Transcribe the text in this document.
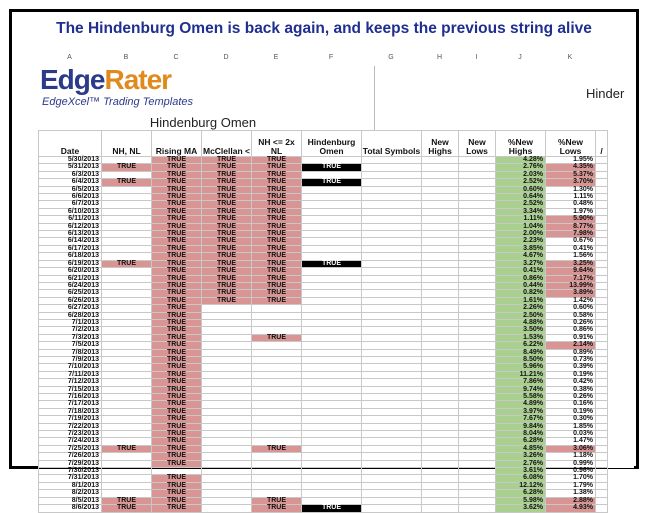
The Hindenburg Omen is back again, and keeps the previous string alive
A	B	C	D	E	F	G	H	I	J	K
EdgeRater
EdgeXcel™ Trading Templates
Hindenburg Omen
Hinder
Date	NH, NL	Rising MA	McClellan <	NH <= 2x NL	Hindenburg Omen	Total Symbols	New Highs	New Lows	%New Highs	%New Lows	/
5/30/2013		TRUE	TRUE	TRUE					4.28%	1.95%	
5/31/2013	TRUE	TRUE	TRUE	TRUE	TRUE				2.76%	4.35%	
6/3/2013		TRUE	TRUE	TRUE					2.03%	5.37%	
6/4/2013	TRUE	TRUE	TRUE	TRUE	TRUE				2.52%	3.70%	
6/5/2013		TRUE	TRUE	TRUE					0.60%	1.30%	
6/6/2013		TRUE	TRUE	TRUE					0.64%	1.11%	
6/7/2013		TRUE	TRUE	TRUE					2.52%	0.48%	
6/10/2013		TRUE	TRUE	TRUE					3.34%	1.97%	
6/11/2013		TRUE	TRUE	TRUE					1.11%	5.90%	
6/12/2013		TRUE	TRUE	TRUE					1.04%	8.77%	
6/13/2013		TRUE	TRUE	TRUE					2.00%	7.98%	
6/14/2013		TRUE	TRUE	TRUE					2.23%	0.67%	
6/17/2013		TRUE	TRUE	TRUE					3.85%	0.41%	
6/18/2013		TRUE	TRUE	TRUE					4.67%	1.56%	
6/19/2013	TRUE	TRUE	TRUE	TRUE	TRUE				3.27%	3.25%	
6/20/2013		TRUE	TRUE	TRUE					0.41%	9.64%	
6/21/2013		TRUE	TRUE	TRUE					0.86%	7.17%	
6/24/2013		TRUE	TRUE	TRUE					0.44%	13.99%	
6/25/2013		TRUE	TRUE	TRUE					0.82%	3.89%	
6/26/2013		TRUE	TRUE	TRUE					1.61%	1.42%	
6/27/2013		TRUE							2.26%	0.60%	
6/28/2013		TRUE							2.50%	0.58%	
7/1/2013		TRUE							4.88%	0.26%	
7/2/2013		TRUE							3.50%	0.86%	
7/3/2013		TRUE		TRUE					1.53%	0.91%	
7/5/2013		TRUE							6.22%	2.14%	
7/8/2013		TRUE							8.49%	0.89%	
7/9/2013		TRUE							8.50%	0.73%	
7/10/2013		TRUE							5.96%	0.39%	
7/11/2013		TRUE							11.21%	0.19%	
7/12/2013		TRUE							7.86%	0.42%	
7/15/2013		TRUE							9.74%	0.38%	
7/16/2013		TRUE							5.58%	0.26%	
7/17/2013		TRUE							4.89%	0.16%	
7/18/2013		TRUE							3.97%	0.19%	
7/19/2013		TRUE							7.67%	0.30%	
7/22/2013		TRUE							9.84%	1.85%	
7/23/2013		TRUE							8.04%	0.03%	
7/24/2013		TRUE							6.28%	1.47%	
7/25/2013	TRUE	TRUE		TRUE					4.85%	3.06%	
7/26/2013		TRUE							3.26%	1.18%	
7/29/2013		TRUE							2.76%	0.99%	
7/30/2013									3.61%	0.96%	
7/31/2013		TRUE							6.08%	1.70%	
8/1/2013		TRUE							12.12%	1.79%	
8/2/2013		TRUE							6.28%	1.38%	
8/5/2013	TRUE	TRUE		TRUE					5.98%	2.88%	
8/6/2013	TRUE	TRUE		TRUE	TRUE				3.62%	4.93%	
